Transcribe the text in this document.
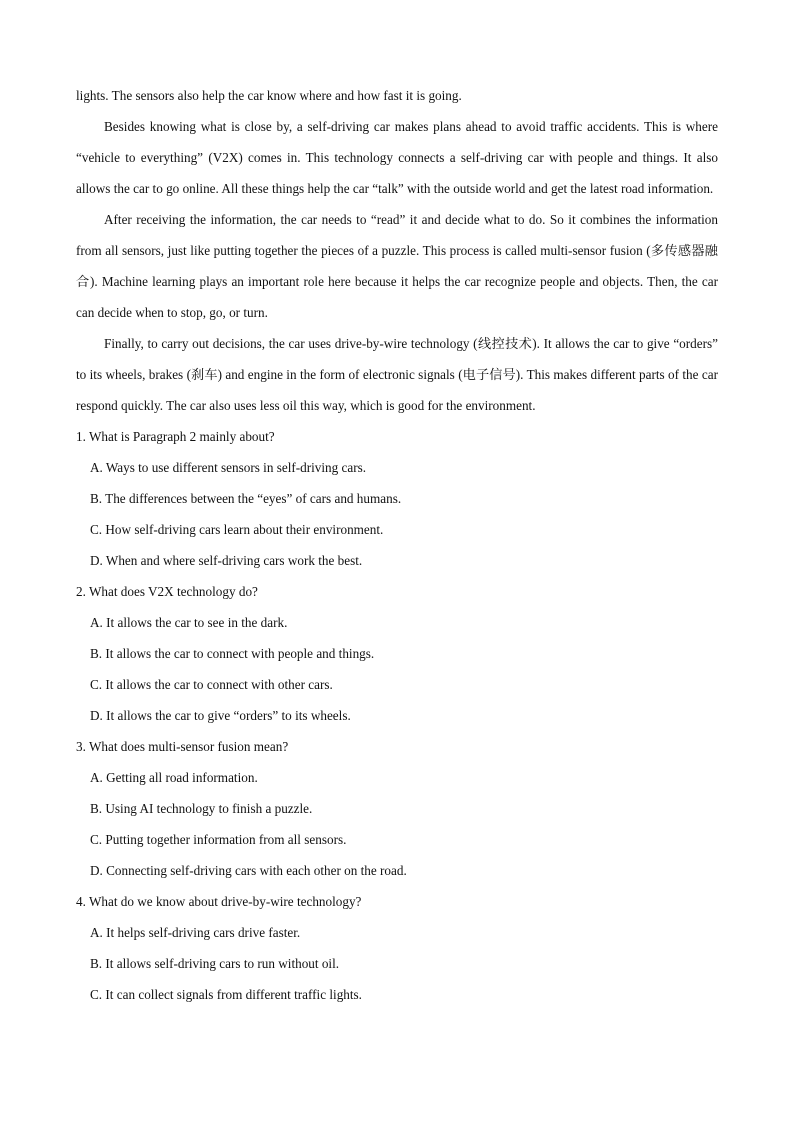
lights. The sensors also help the car know where and how fast it is going.

Besides knowing what is close by, a self-driving car makes plans ahead to avoid traffic accidents. This is where “vehicle to everything” (V2X) comes in. This technology connects a self-driving car with people and things. It also allows the car to go online. All these things help the car “talk” with the outside world and get the latest road information.

After receiving the information, the car needs to “read” it and decide what to do. So it combines the information from all sensors, just like putting together the pieces of a puzzle. This process is called multi-sensor fusion (多传感器融合). Machine learning plays an important role here because it helps the car recognize people and objects. Then, the car can decide when to stop, go, or turn.

Finally, to carry out decisions, the car uses drive-by-wire technology (线控技术). It allows the car to give “orders” to its wheels, brakes (刹车) and engine in the form of electronic signals (电子信号). This makes different parts of the car respond quickly. The car also uses less oil this way, which is good for the environment.

1. What is Paragraph 2 mainly about?

A. Ways to use different sensors in self-driving cars.

B. The differences between the “eyes” of cars and humans.

C. How self-driving cars learn about their environment.

D. When and where self-driving cars work the best.

2. What does V2X technology do?

A. It allows the car to see in the dark.

B. It allows the car to connect with people and things.

C. It allows the car to connect with other cars.

D. It allows the car to give “orders” to its wheels.

3. What does multi-sensor fusion mean?

A. Getting all road information.

B. Using AI technology to finish a puzzle.

C. Putting together information from all sensors.

D. Connecting self-driving cars with each other on the road.

4. What do we know about drive-by-wire technology?

A. It helps self-driving cars drive faster.

B. It allows self-driving cars to run without oil.

C. It can collect signals from different traffic lights.
